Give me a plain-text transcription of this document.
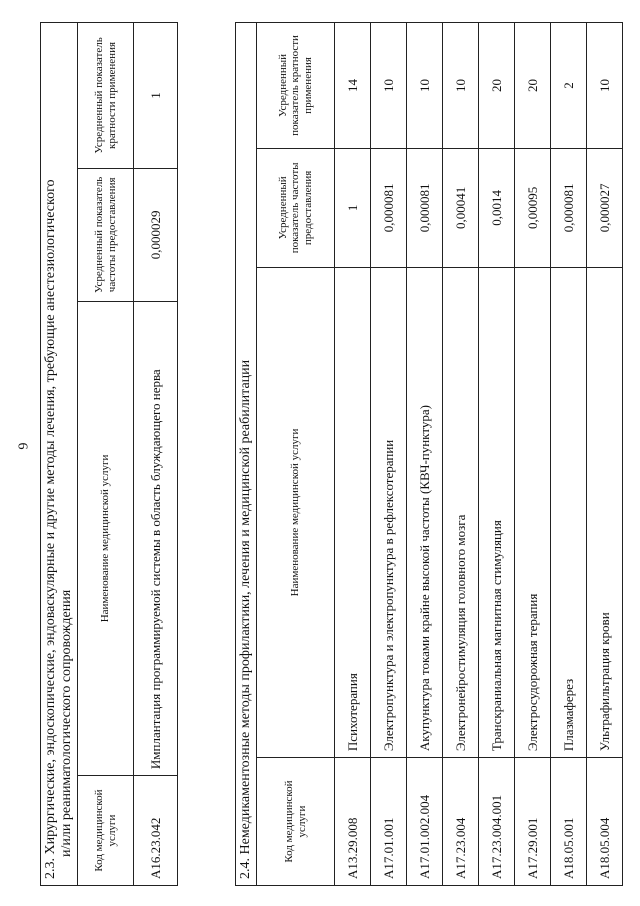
6 2.3. Хирургические, эндоскопические, эндоваскулярные и другие методы лечения, требующие анестезиологического и/или реаниматологического сопровождения			

Код медицинской услуги	Наименование медицинской услуги	Усредненный показатель частоты предоставления	Усредненный показатель кратности применения
A16.23.042	Имплантация программируемой системы в область блуждающего нерва	0,000029	1
2.4. Немедикаментозные методы профилактики, лечения и медицинской реабилитации			
Код медицинской услуги	Наименование медицинской услуги	Усредненный показатель частоты предоставления	Усредненный показатель кратности применения
A13.29.008	Психотерапия	1	14
A17.01.001	Электропунктура и электропунктура в рефлексотерапии	0,000081	10
A17.01.002.004	Акупунктура токами крайне высокой частоты (КВЧ-пунктура)	0,000081	10
A17.23.004	Электронейростимуляция головного мозга	0,00041	10
A17.23.004.001	Транскраниальная магнитная стимуляция	0,0014	20
A17.29.001	Электросудорожная терапия	0,00095	20
A18.05.001	Плазмаферез	0,000081	2
A18.05.004	Ультрафильтрация крови	0,000027	10
